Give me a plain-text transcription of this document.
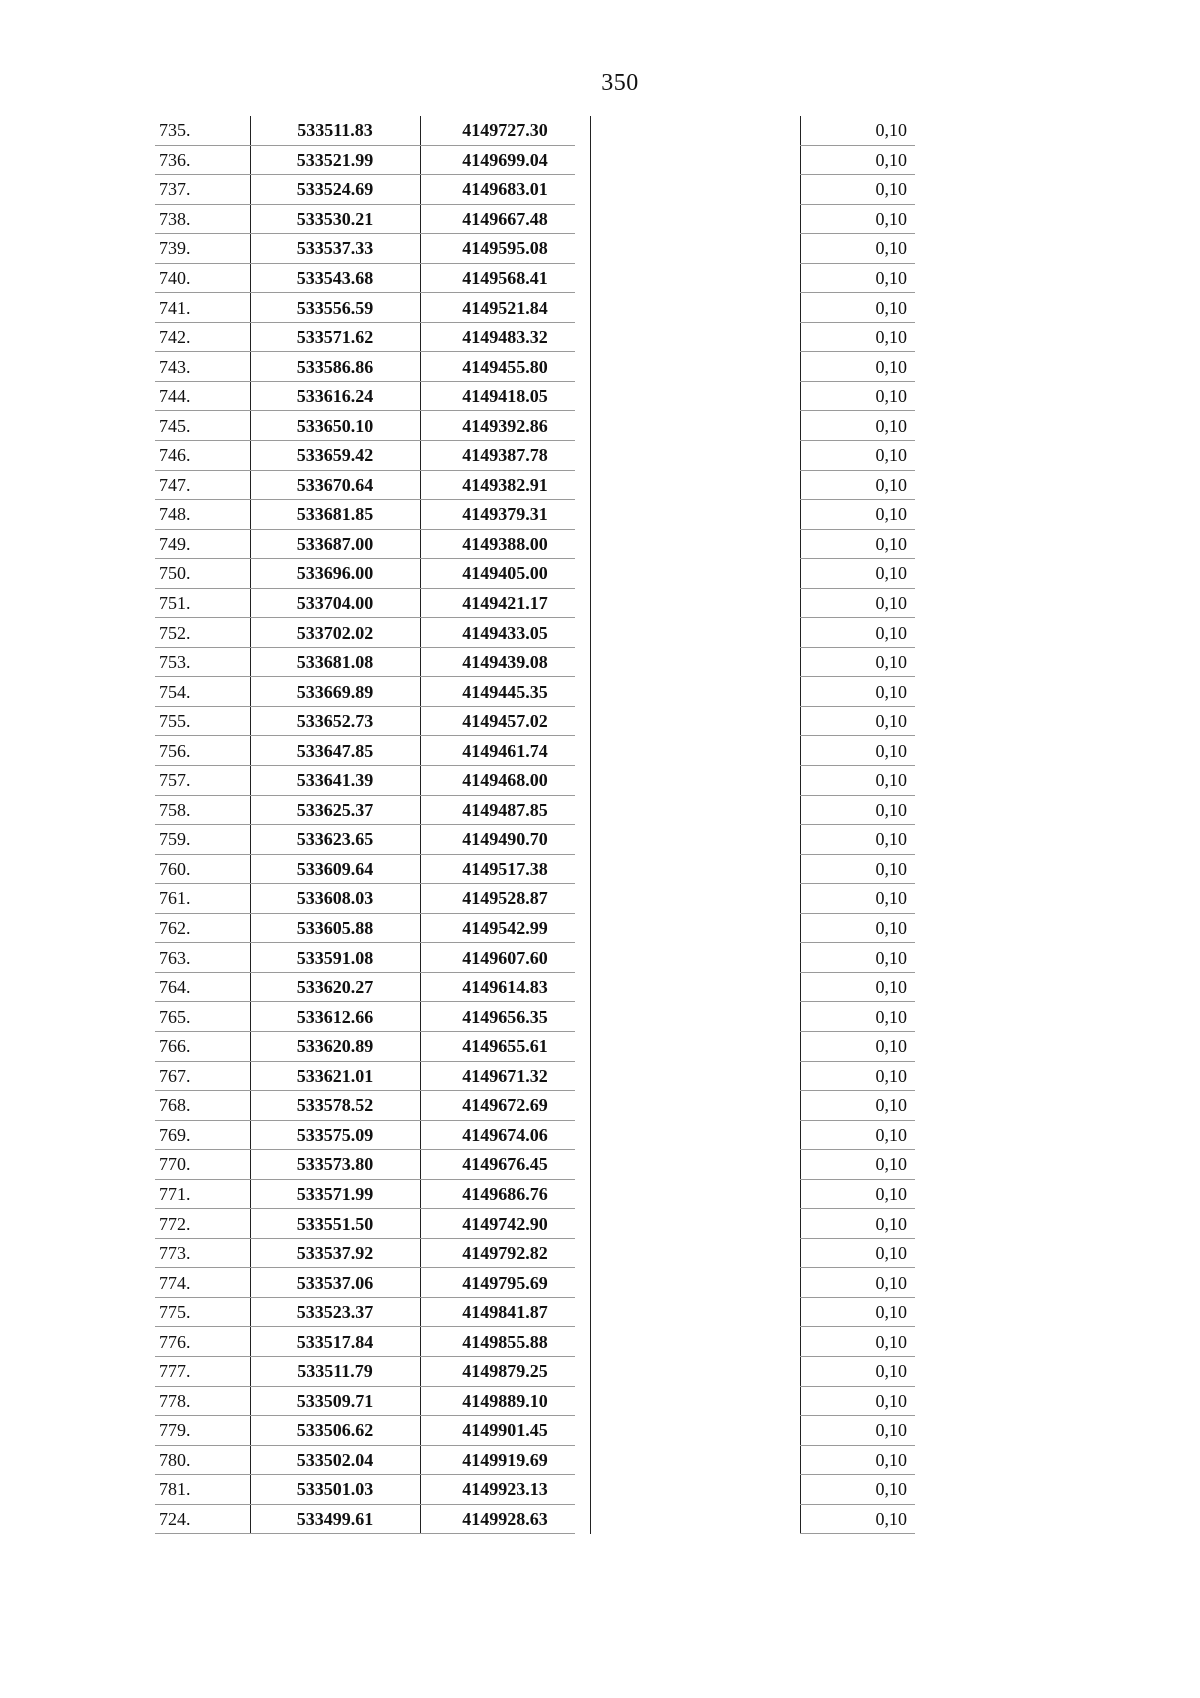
350
735.	533511.83	4149727.30	0,10
736.	533521.99	4149699.04	0,10
737.	533524.69	4149683.01	0,10
738.	533530.21	4149667.48	0,10
739.	533537.33	4149595.08	0,10
740.	533543.68	4149568.41	0,10
741.	533556.59	4149521.84	0,10
742.	533571.62	4149483.32	0,10
743.	533586.86	4149455.80	0,10
744.	533616.24	4149418.05	0,10
745.	533650.10	4149392.86	0,10
746.	533659.42	4149387.78	0,10
747.	533670.64	4149382.91	0,10
748.	533681.85	4149379.31	0,10
749.	533687.00	4149388.00	0,10
750.	533696.00	4149405.00	0,10
751.	533704.00	4149421.17	0,10
752.	533702.02	4149433.05	0,10
753.	533681.08	4149439.08	0,10
754.	533669.89	4149445.35	0,10
755.	533652.73	4149457.02	0,10
756.	533647.85	4149461.74	0,10
757.	533641.39	4149468.00	0,10
758.	533625.37	4149487.85	0,10
759.	533623.65	4149490.70	0,10
760.	533609.64	4149517.38	0,10
761.	533608.03	4149528.87	0,10
762.	533605.88	4149542.99	0,10
763.	533591.08	4149607.60	0,10
764.	533620.27	4149614.83	0,10
765.	533612.66	4149656.35	0,10
766.	533620.89	4149655.61	0,10
767.	533621.01	4149671.32	0,10
768.	533578.52	4149672.69	0,10
769.	533575.09	4149674.06	0,10
770.	533573.80	4149676.45	0,10
771.	533571.99	4149686.76	0,10
772.	533551.50	4149742.90	0,10
773.	533537.92	4149792.82	0,10
774.	533537.06	4149795.69	0,10
775.	533523.37	4149841.87	0,10
776.	533517.84	4149855.88	0,10
777.	533511.79	4149879.25	0,10
778.	533509.71	4149889.10	0,10
779.	533506.62	4149901.45	0,10
780.	533502.04	4149919.69	0,10
781.	533501.03	4149923.13	0,10
724.	533499.61	4149928.63	0,10
